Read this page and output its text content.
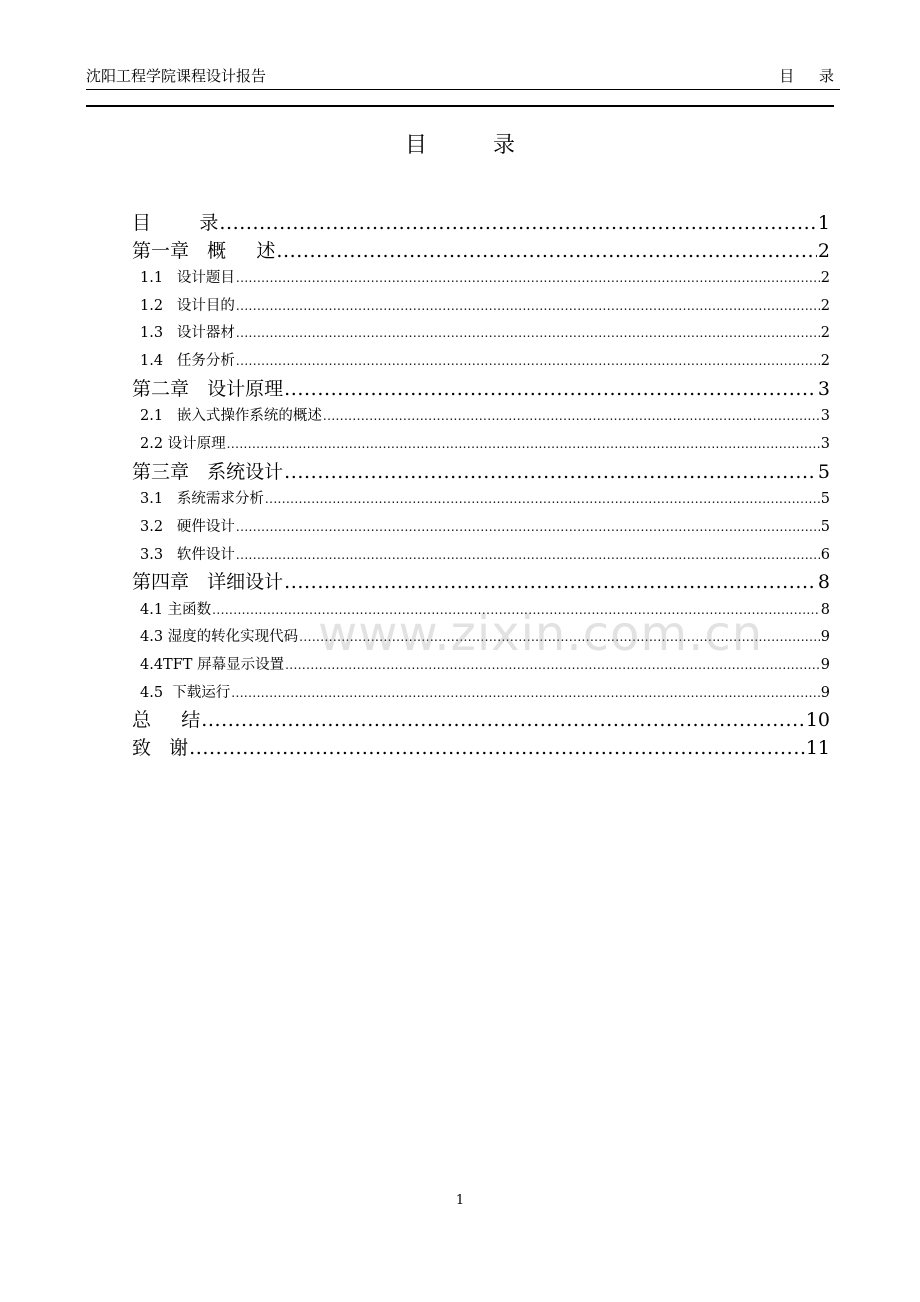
沈阳工程学院课程设计报告	目 录
目录
目        录 .....	1
第一章   概     述 .....	2
1.1   设计题目 .....	2
1.2   设计目的 .....	2
1.3   设计器材 .....	2
1.4   任务分析 .....	2
第二章   设计原理 .....	3
2.1   嵌入式操作系统的概述 .....	3
2.2 设计原理 .....	3
第三章   系统设计 .....	5
3.1   系统需求分析 .....	5
3.2   硬件设计 .....	5
3.3   软件设计 .....	6
第四章   详细设计 .....	8
4.1 主函数 .....	8
4.3 湿度的转化实现代码 .....	9
4.4TFT 屏幕显示设置 .....	9
4.5  下载运行 .....	9
总     结 .....	10
致   谢 .....	11
www.zixin.com.cn
1
